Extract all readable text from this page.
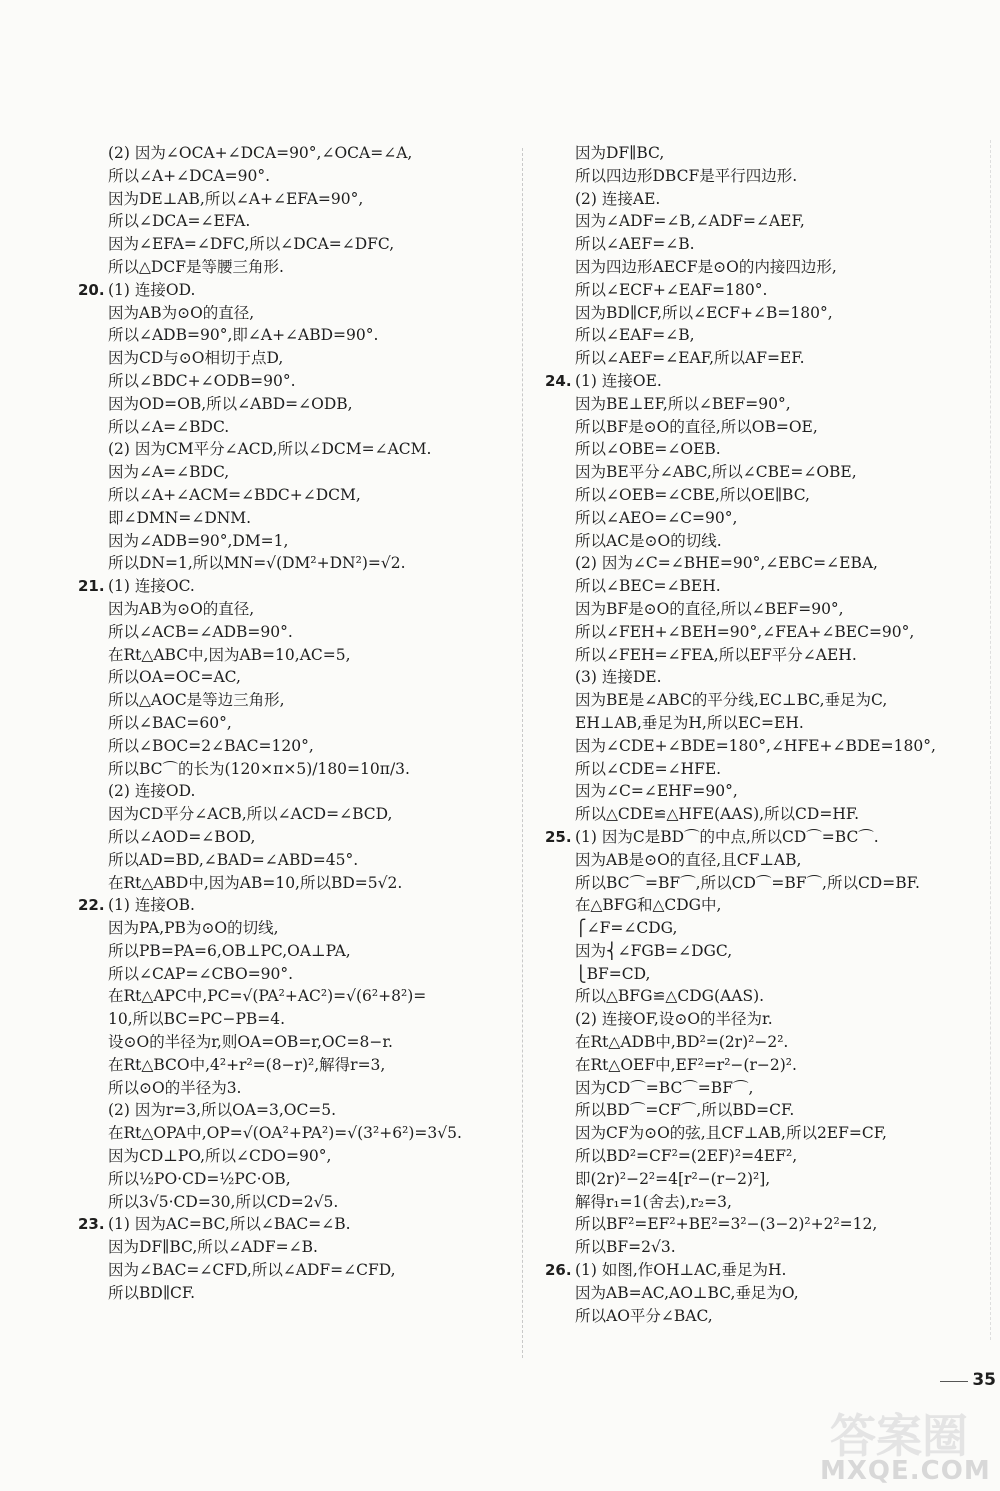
(2) 因为∠OCA+∠DCA=90°,∠OCA=∠A,
所以∠A+∠DCA=90°.
因为DE⊥AB,所以∠A+∠EFA=90°,
所以∠DCA=∠EFA.
因为∠EFA=∠DFC,所以∠DCA=∠DFC,
所以△DCF是等腰三角形.
20. (1) 连接OD.
因为AB为⊙O的直径,
所以∠ADB=90°,即∠A+∠ABD=90°.
因为CD与⊙O相切于点D,
所以∠BDC+∠ODB=90°.
因为OD=OB,所以∠ABD=∠ODB,
所以∠A=∠BDC.
(2) 因为CM平分∠ACD,所以∠DCM=∠ACM.
因为∠A=∠BDC,
所以∠A+∠ACM=∠BDC+∠DCM,
即∠DMN=∠DNM.
因为∠ADB=90°,DM=1,
所以DN=1,所以MN=√(DM²+DN²)=√2.
21. (1) 连接OC.
因为AB为⊙O的直径,
所以∠ACB=∠ADB=90°.
在Rt△ABC中,因为AB=10,AC=5,
所以OA=OC=AC,
所以△AOC是等边三角形,
所以∠BAC=60°,
所以∠BOC=2∠BAC=120°,
所以BC⌒的长为(120×π×5)/180=10π/3.
(2) 连接OD.
因为CD平分∠ACB,所以∠ACD=∠BCD,
所以∠AOD=∠BOD,
所以AD=BD,∠BAD=∠ABD=45°.
在Rt△ABD中,因为AB=10,所以BD=5√2.
22. (1) 连接OB.
因为PA,PB为⊙O的切线,
所以PB=PA=6,OB⊥PC,OA⊥PA,
所以∠CAP=∠CBO=90°.
在Rt△APC中,PC=√(PA²+AC²)=√(6²+8²)=
10,所以BC=PC−PB=4.
设⊙O的半径为r,则OA=OB=r,OC=8−r.
在Rt△BCO中,4²+r²=(8−r)²,解得r=3,
所以⊙O的半径为3.
(2) 因为r=3,所以OA=3,OC=5.
在Rt△OPA中,OP=√(OA²+PA²)=√(3²+6²)=3√5.
因为CD⊥PO,所以∠CDO=90°,
所以½PO·CD=½PC·OB,
所以3√5·CD=30,所以CD=2√5.
23. (1) 因为AC=BC,所以∠BAC=∠B.
因为DF∥BC,所以∠ADF=∠B.
因为∠BAC=∠CFD,所以∠ADF=∠CFD,
所以BD∥CF.
因为DF∥BC,
所以四边形DBCF是平行四边形.
(2) 连接AE.
因为∠ADF=∠B,∠ADF=∠AEF,
所以∠AEF=∠B.
因为四边形AECF是⊙O的内接四边形,
所以∠ECF+∠EAF=180°.
因为BD∥CF,所以∠ECF+∠B=180°,
所以∠EAF=∠B,
所以∠AEF=∠EAF,所以AF=EF.
24. (1) 连接OE.
因为BE⊥EF,所以∠BEF=90°,
所以BF是⊙O的直径,所以OB=OE,
所以∠OBE=∠OEB.
因为BE平分∠ABC,所以∠CBE=∠OBE,
所以∠OEB=∠CBE,所以OE∥BC,
所以∠AEO=∠C=90°,
所以AC是⊙O的切线.
(2) 因为∠C=∠BHE=90°,∠EBC=∠EBA,
所以∠BEC=∠BEH.
因为BF是⊙O的直径,所以∠BEF=90°,
所以∠FEH+∠BEH=90°,∠FEA+∠BEC=90°,
所以∠FEH=∠FEA,所以EF平分∠AEH.
(3) 连接DE.
因为BE是∠ABC的平分线,EC⊥BC,垂足为C,
EH⊥AB,垂足为H,所以EC=EH.
因为∠CDE+∠BDE=180°,∠HFE+∠BDE=180°,
所以∠CDE=∠HFE.
因为∠C=∠EHF=90°,
所以△CDE≌△HFE(AAS),所以CD=HF.
25. (1) 因为C是BD⌒的中点,所以CD⌒=BC⌒.
因为AB是⊙O的直径,且CF⊥AB,
所以BC⌒=BF⌒,所以CD⌒=BF⌒,所以CD=BF.
在△BFG和△CDG中,
⎧∠F=∠CDG,
因为⎨∠FGB=∠DGC,
⎩BF=CD,
所以△BFG≌△CDG(AAS).
(2) 连接OF,设⊙O的半径为r.
在Rt△ADB中,BD²=(2r)²−2².
在Rt△OEF中,EF²=r²−(r−2)².
因为CD⌒=BC⌒=BF⌒,
所以BD⌒=CF⌒,所以BD=CF.
因为CF为⊙O的弦,且CF⊥AB,所以2EF=CF,
所以BD²=CF²=(2EF)²=4EF²,
即(2r)²−2²=4[r²−(r−2)²],
解得r₁=1(舍去),r₂=3,
所以BF²=EF²+BE²=3²−(3−2)²+2²=12,
所以BF=2√3.
26. (1) 如图,作OH⊥AC,垂足为H.
因为AB=AC,AO⊥BC,垂足为O,
所以AO平分∠BAC,
35
答案圈
MXQE.COM
